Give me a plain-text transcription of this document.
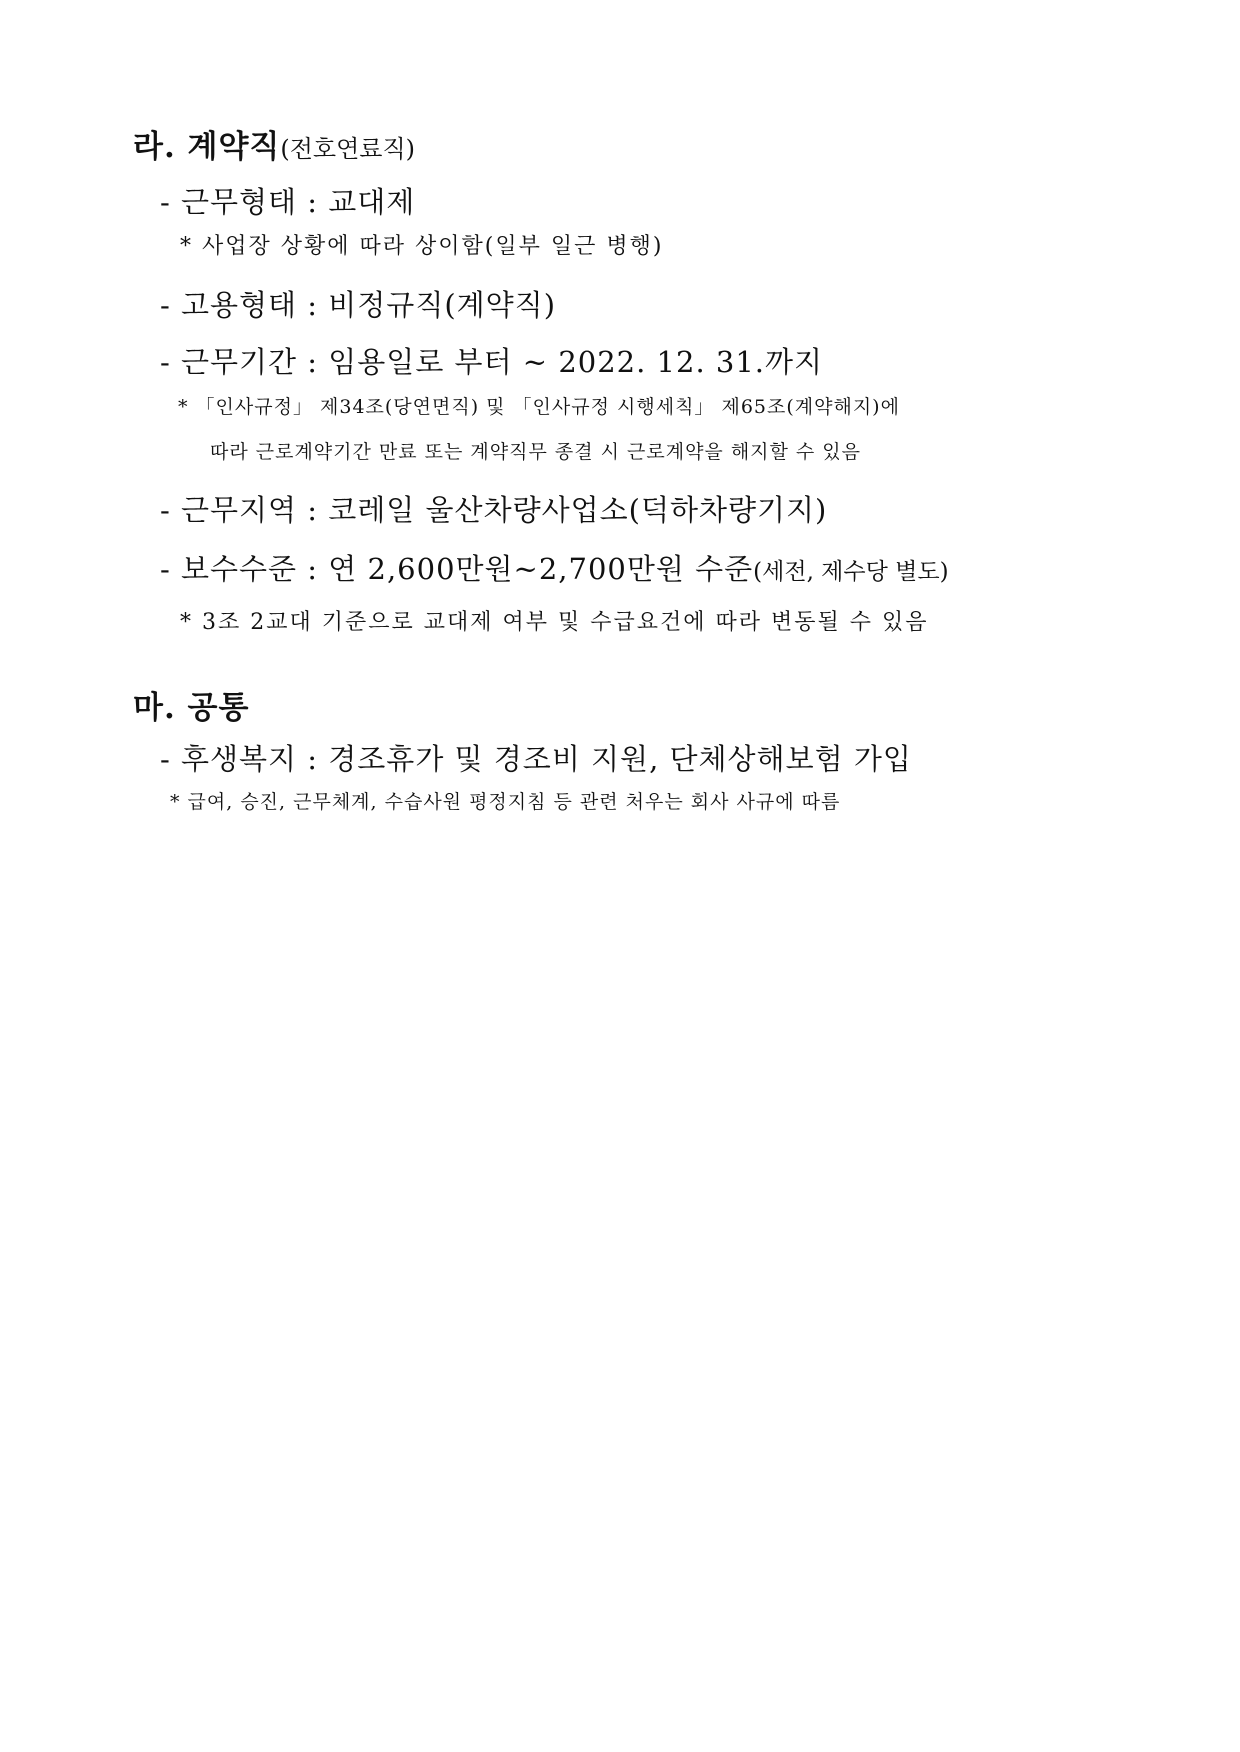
라. 계약직(전호연료직)
- 근무형태 : 교대제
* 사업장 상황에 따라 상이함(일부 일근 병행)
- 고용형태 : 비정규직(계약직)
- 근무기간 : 임용일로 부터 ~ 2022. 12. 31.까지
* 「인사규정」 제34조(당연면직) 및 「인사규정 시행세칙」 제65조(계약해지)에
따라 근로계약기간 만료 또는 계약직무 종결 시 근로계약을 해지할 수 있음
- 근무지역 : 코레일 울산차량사업소(덕하차량기지)
- 보수수준 : 연 2,600만원~2,700만원 수준(세전, 제수당 별도)
* 3조 2교대 기준으로 교대제 여부 및 수급요건에 따라 변동될 수 있음
마. 공통
- 후생복지 : 경조휴가 및 경조비 지원, 단체상해보험 가입
* 급여, 승진, 근무체계, 수습사원 평정지침 등 관련 처우는 회사 사규에 따름
